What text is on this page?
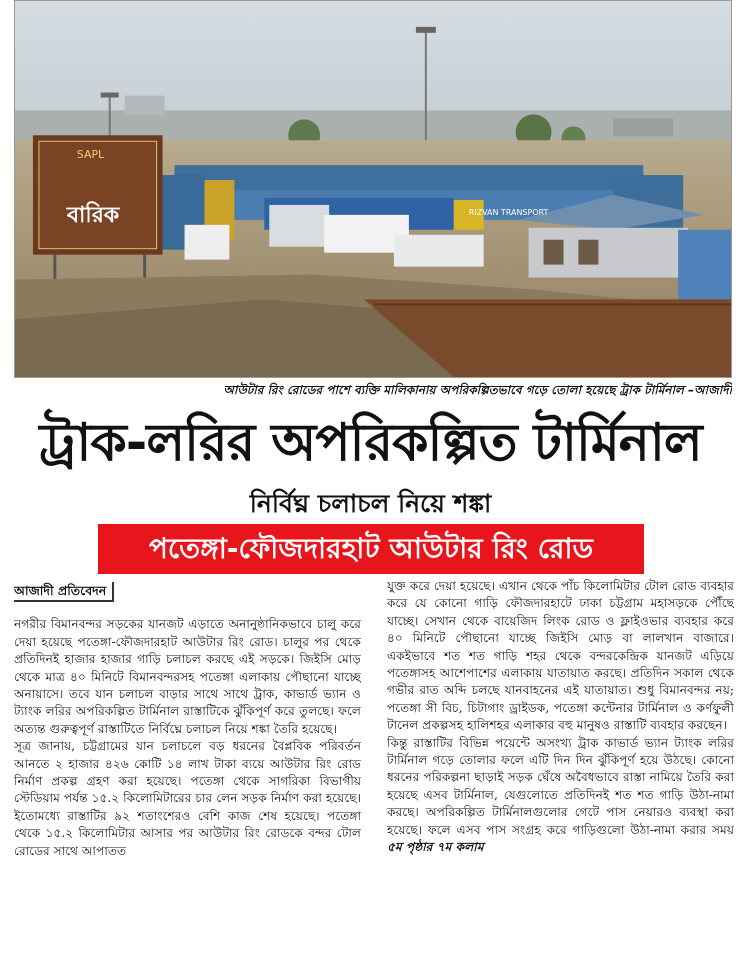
SAPL
বারিক	RIZVAN TRANSPORT
আউটার রিং রোডের পাশে ব্যক্তি মালিকানায় অপরিকল্পিতভাবে গড়ে তোলা হয়েছে ট্রাক টার্মিনাল –আজাদী
ট্রাক-লরির অপরিকল্পিত টার্মিনাল
নির্বিঘ্ন চলাচল নিয়ে শঙ্কা
পতেঙ্গা-ফৌজদারহাট আউটার রিং রোড
আজাদী প্রতিবেদন

নগরীর বিমানবন্দর সড়কের যানজট এড়াতে অনানুষ্ঠানিকভাবে চালু করে দেয়া হয়েছে পতেঙ্গা-ফৌজদারহাট আউটার রিং রোড। চালুর পর থেকে প্রতিদিনই হাজার হাজার গাড়ি চলাচল করছে এই সড়কে। জিইসি মোড় থেকে মাত্র ৪০ মিনিটে বিমানবন্দরসহ পতেঙ্গা এলাকায় পৌছানো যাচ্ছে অনায়াসে। তবে যান চলাচল বাড়ার সাথে সাথে ট্রাক, কাভার্ড ভ্যান ও ট্যাংক লরির অপরিকল্পিত টার্মিনাল রাস্তাটিকে ঝুঁকিপূর্ণ করে তুলছে। ফলে অত্যন্ত গুরুত্বপূর্ণ রাস্তাটিতে নির্বিঘ্নে চলাচল নিয়ে শঙ্কা তৈরি হয়েছে।

সূত্র জানায়, চট্টগ্রামের যান চলাচলে বড় ধরনের বৈপ্লবিক পরিবর্তন আনতে ২ হাজার ৪২৬ কোটি ১৪ লাখ টাকা ব্যয়ে আউটার রিং রোড নির্মাণ প্রকল্প গ্রহণ করা হয়েছে। পতেঙ্গা থেকে সাগরিকা বিভাগীয় স্টেডিয়াম পর্যন্ত ১৫.২ কিলোমিটারের চার লেন সড়ক নির্মাণ করা হয়েছে। ইতোমধ্যে রাস্তাটির ৯২ শতাংশেরও বেশি কাজ শেষ হয়েছে। পতেঙ্গা থেকে ১৫.২ কিলোমিটার আসার পর আউটার রিং রোডকে বন্দর টোল রোডের সাথে আপাতত

যুক্ত করে দেয়া হয়েছে। এখান থেকে পাঁচ কিলোমিটার টোল রোড ব্যবহার করে যে কোনো গাড়ি ফৌজদারহাটে ঢাকা চট্টগ্রাম মহাসড়কে পৌঁছে যাচ্ছে। সেখান থেকে বায়েজিদ লিংক রোড ও ফ্লাইওভার ব্যবহার করে ৪০ মিনিটে পৌছানো যাচ্ছে জিইসি মোড় বা লালখান বাজারে। একইভাবে শত শত গাড়ি শহর থেকে বন্দরকেন্দ্রিক যানজট এড়িয়ে পতেঙ্গাসহ আশেপাশের এলাকায় যাতায়াত করছে। প্রতিদিন সকাল থেকে গভীর রাত অব্দি চলছে যানবাহনের এই যাতায়াত। শুধু বিমানবন্দর নয়; পতেঙ্গা সী বিচ, চিটাগাং ড্রাইডক, পতেঙ্গা কন্টেনার টার্মিনাল ও কর্ণফুলী টানেল প্রকল্পসহ হালিশহর এলাকার বহু মানুষও রাস্তাটি ব্যবহার করছেন।

কিন্তু রাস্তাটির বিভিন্ন পয়েন্টে অসংখ্য ট্রাক কাভার্ড ভ্যান ট্যাংক লরির টার্মিনাল গড়ে তোলার ফলে এটি দিন দিন ঝুঁকিপূর্ণ হয়ে উঠছে। কোনো ধরনের পরিকল্পনা ছাড়াই সড়ক ঘেঁষে অবৈধভাবে রাস্তা নামিয়ে তৈরি করা হয়েছে এসব টার্মিনাল, যেগুলোতে প্রতিদিনই শত শত গাড়ি উঠা-নামা করছে। অপরিকল্পিত টার্মিনালগুলোর গেটে পাস নেয়ারও ব্যবস্থা করা হয়েছে। ফলে এসব পাস সংগ্রহ করে গাড়িগুলো উঠা-নামা করার সময় ৫ম পৃষ্ঠার ৭ম কলাম
